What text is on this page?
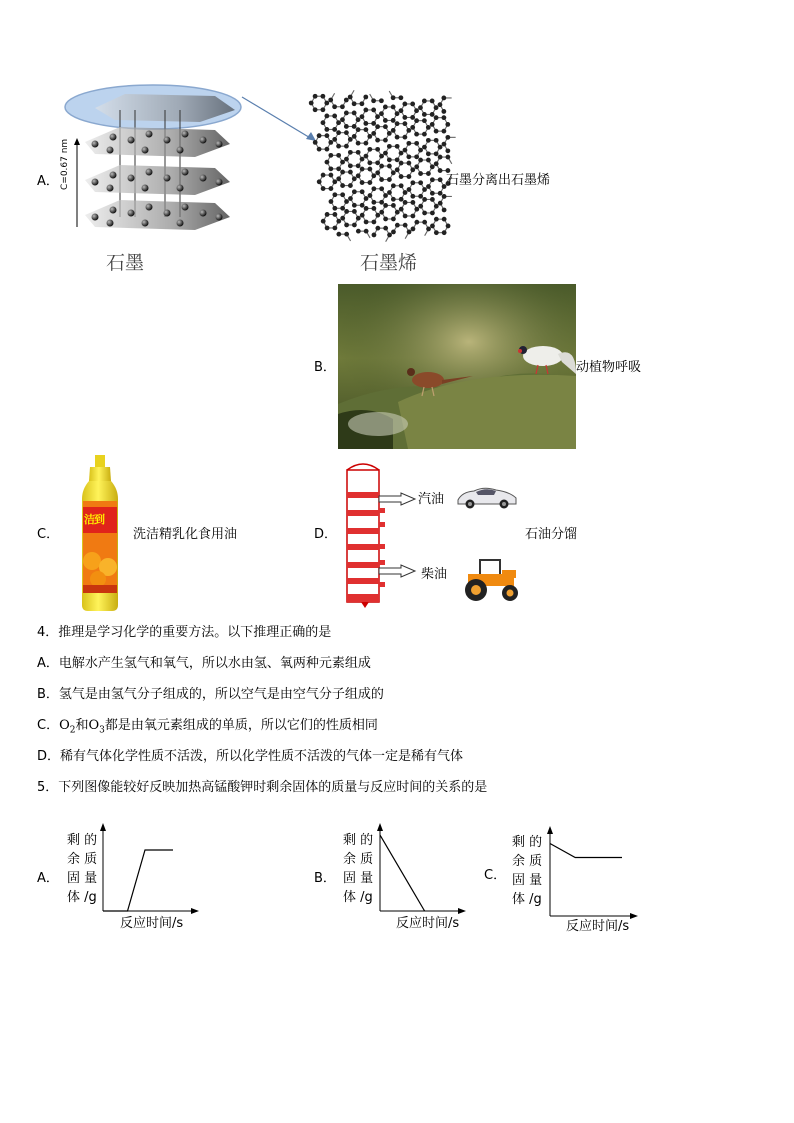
A． C=0.67 nm
石墨	石墨烯
石墨分离出石墨烯
B．	动植物呼吸
C．
洁到
洗洁精乳化食用油	D．
汽油
柴油
石油分馏
4．推理是学习化学的重要方法。以下推理正确的是
A．电解水产生氢气和氧气，所以水由氢、氧两种元素组成
B．氢气是由氢气分子组成的，所以空气是由空气分子组成的
C．$O_2$和$O_3$都是由氧元素组成的单质，所以它们的性质相同
D．稀有气体化学性质不活泼，所以化学性质不活泼的气体一定是稀有气体
5．下列图像能较好反映加热高锰酸钾时剩余固体的质量与反应时间的关系的是
A．
剩 的
余 质
固 量
体 /g
反应时间/s
B．
剩 的
余 质
固 量
体 /g
反应时间/s
C．
剩 的
余 质
固 量
体 /g
反应时间/s
